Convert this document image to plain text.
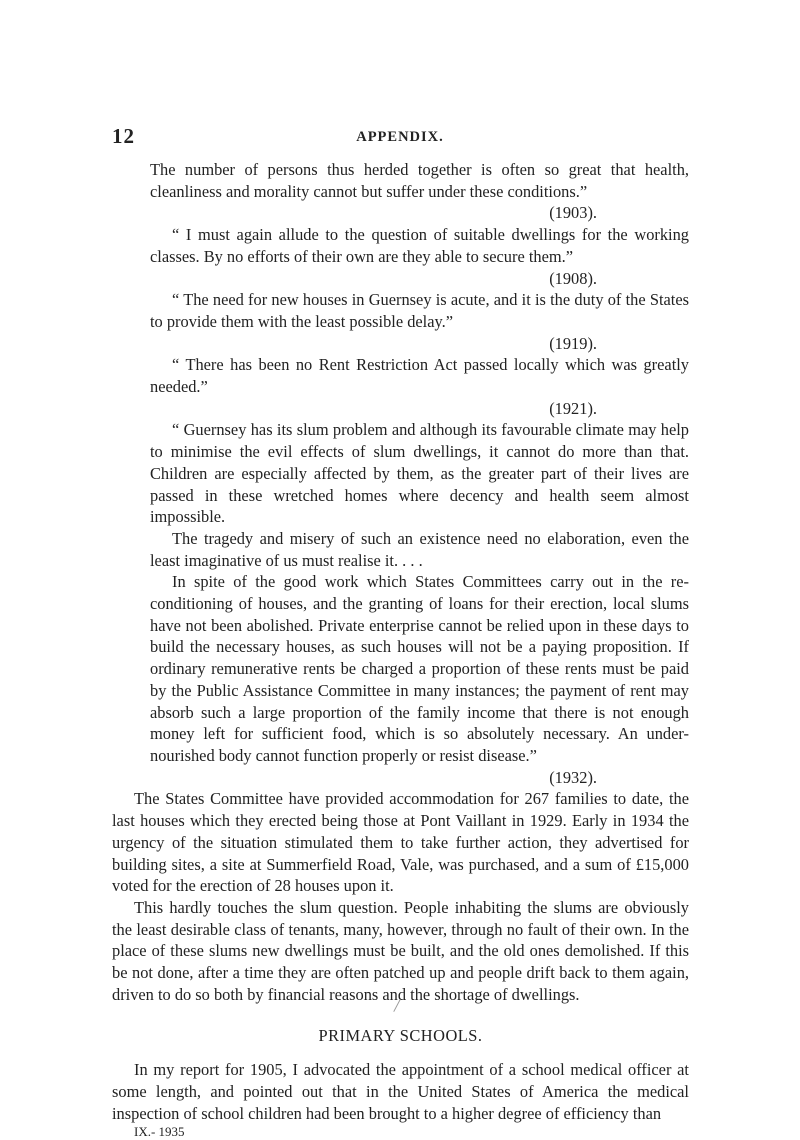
12	APPENDIX.

The number of persons thus herded together is often so great that health, cleanliness and morality cannot but suffer under these conditions.”

(1903).

“ I must again allude to the question of suitable dwellings for the working classes. By no efforts of their own are they able to secure them.”

(1908).

“ The need for new houses in Guernsey is acute, and it is the duty of the States to provide them with the least possible delay.”

(1919).

“ There has been no Rent Restriction Act passed locally which was greatly needed.”

(1921).

“ Guernsey has its slum problem and although its favourable climate may help to minimise the evil effects of slum dwellings, it cannot do more than that. Children are especially affected by them, as the greater part of their lives are passed in these wretched homes where decency and health seem almost impossible.

The tragedy and misery of such an existence need no elaboration, even the least imaginative of us must realise it. . . .

In spite of the good work which States Committees carry out in the re-conditioning of houses, and the granting of loans for their erection, local slums have not been abolished. Private enterprise cannot be relied upon in these days to build the necessary houses, as such houses will not be a paying proposition. If ordinary remunerative rents be charged a proportion of these rents must be paid by the Public Assistance Committee in many instances; the payment of rent may absorb such a large proportion of the family income that there is not enough money left for sufficient food, which is so absolutely necessary. An under-nourished body cannot function properly or resist disease.”

(1932).

The States Committee have provided accommodation for 267 families to date, the last houses which they erected being those at Pont Vaillant in 1929. Early in 1934 the urgency of the situation stimulated them to take further action, they advertised for building sites, a site at Summerfield Road, Vale, was purchased, and a sum of £15,000 voted for the erection of 28 houses upon it.

This hardly touches the slum question. People inhabiting the slums are obviously the least desirable class of tenants, many, however, through no fault of their own. In the place of these slums new dwellings must be built, and the old ones demolished. If this be not done, after a time they are often patched up and people drift back to them again, driven to do so both by financial reasons and the shortage of dwellings.

PRIMARY SCHOOLS.

In my report for 1905, I advocated the appointment of a school medical officer at some length, and pointed out that in the United States of America the medical inspection of school children had been brought to a higher degree of efficiency than

IX.- 1935
